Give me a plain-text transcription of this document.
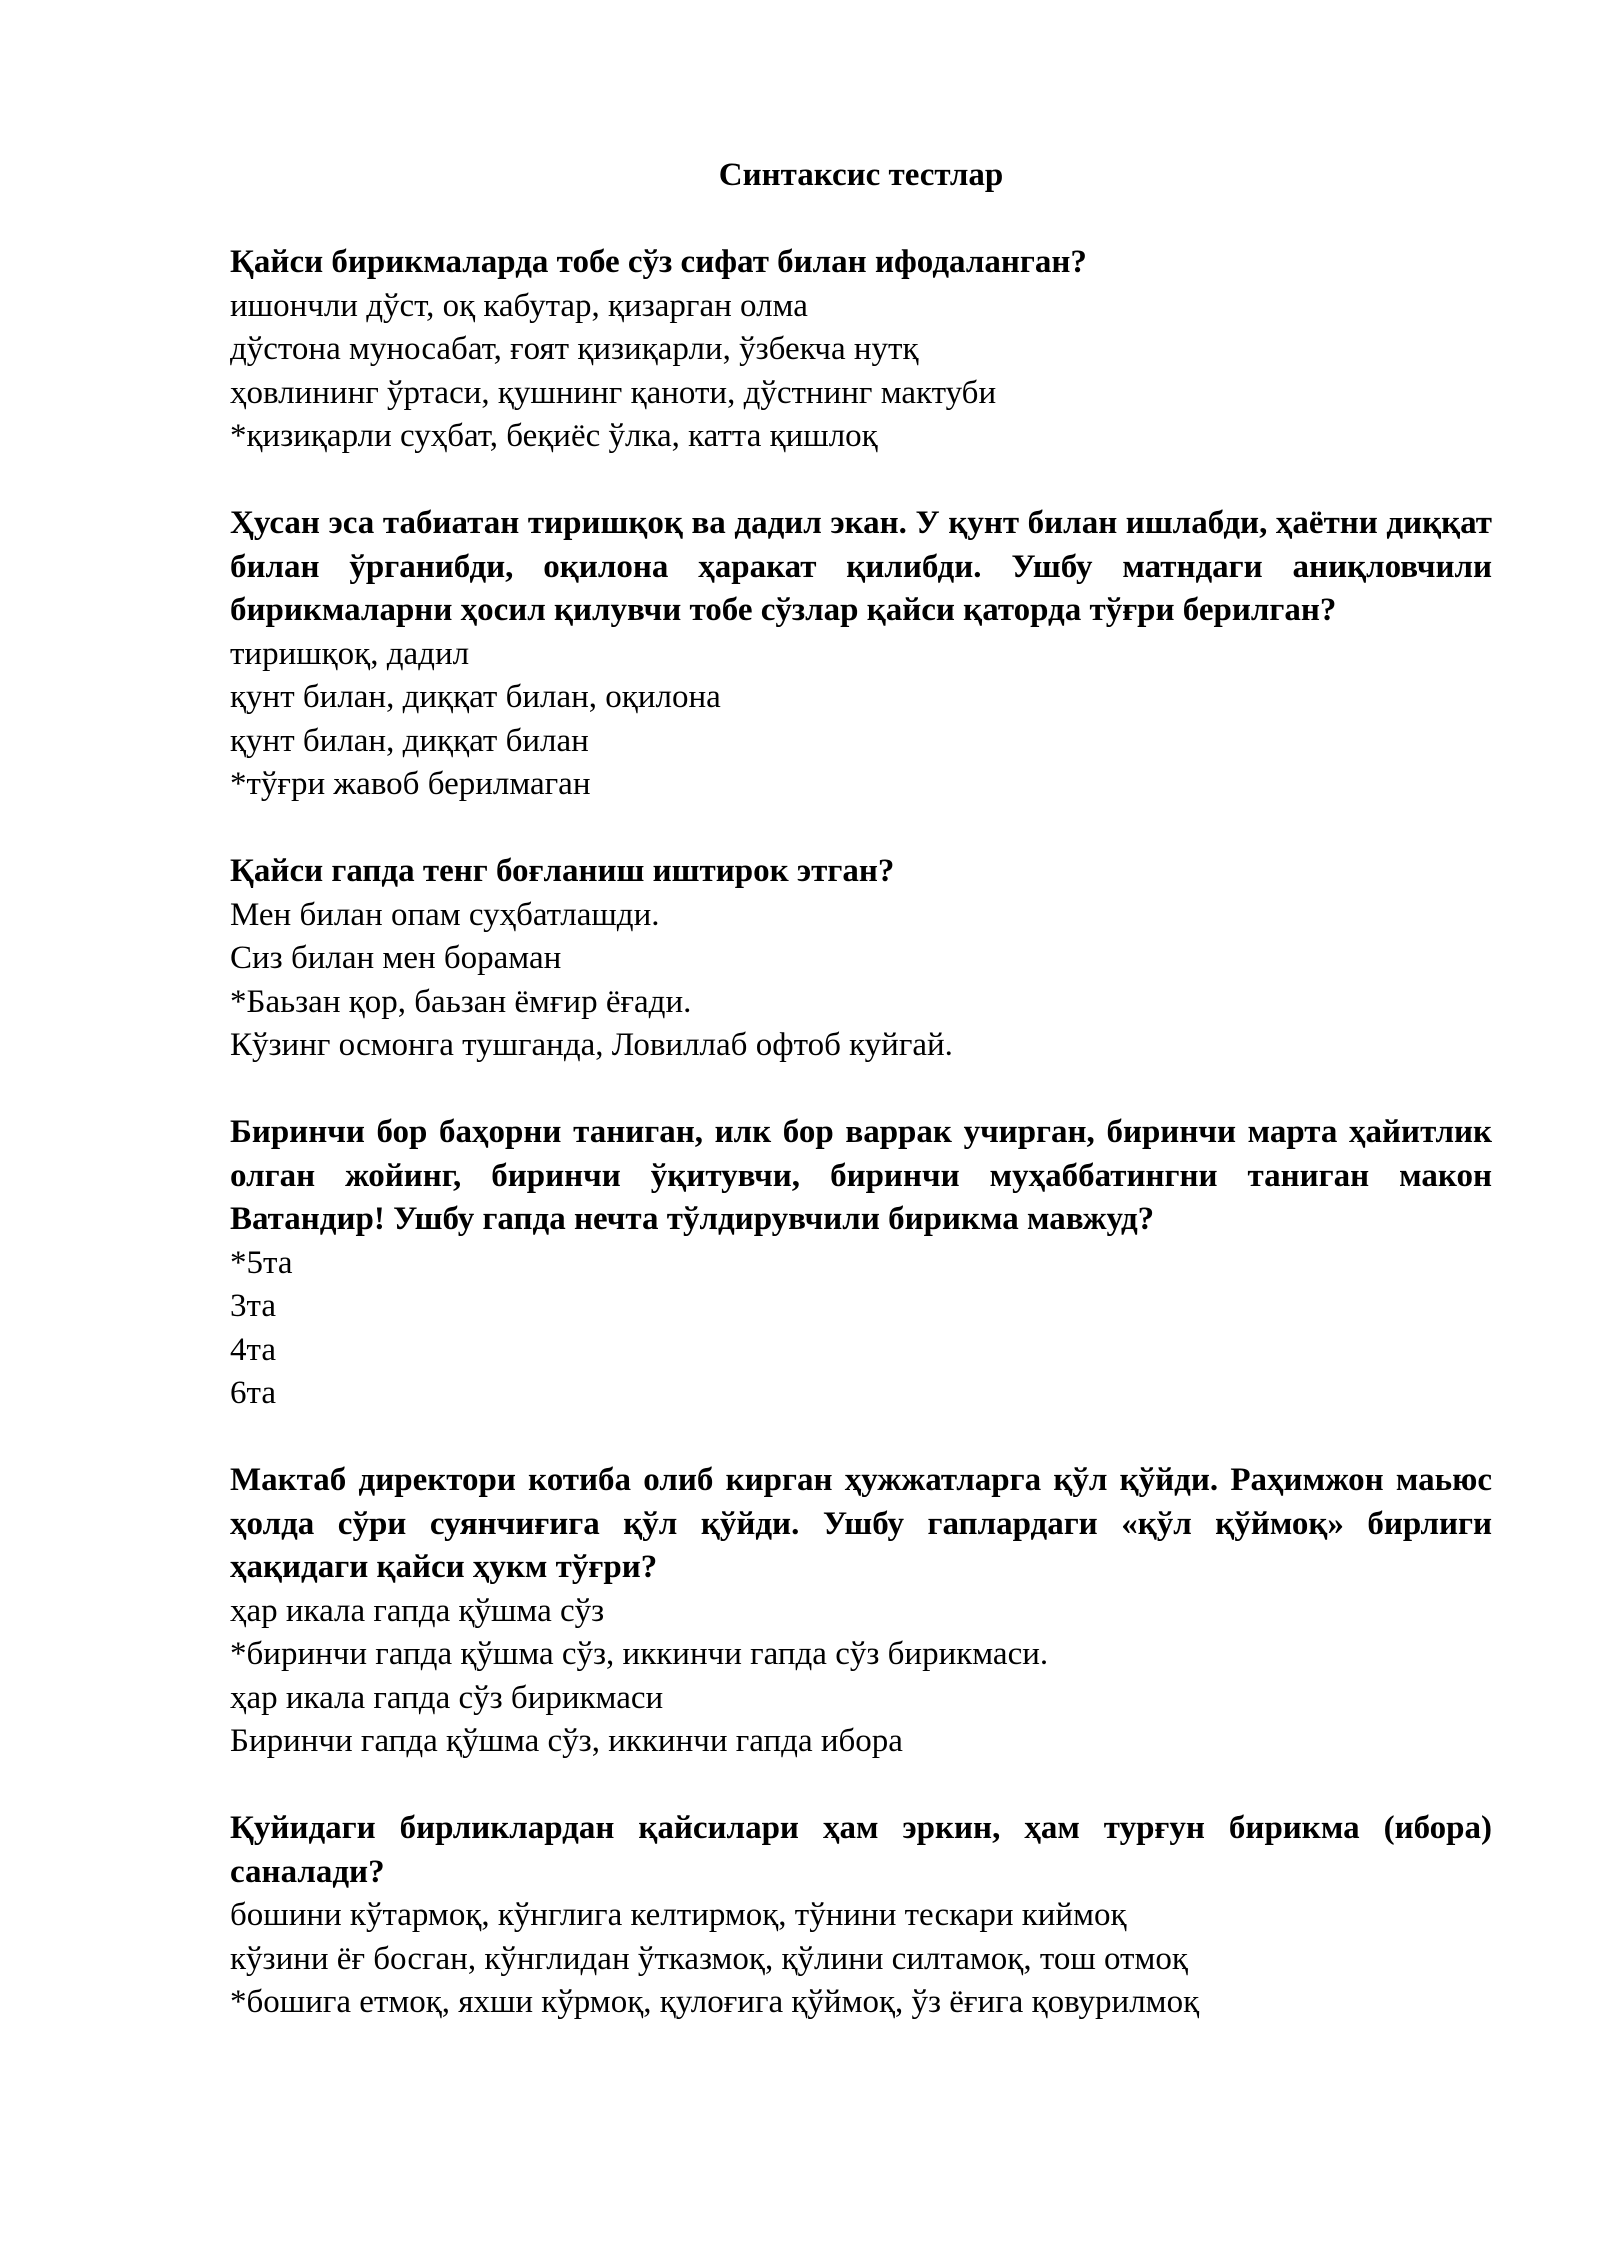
Синтаксис тестлар

Қайси бирикмаларда тобе сўз сифат билан ифодаланган?

ишончли дўст, оқ кабутар, қизарган олма
дўстона муносабат, ғоят қизиқарли, ўзбекча нутқ
ҳовлининг ўртаси, қушнинг қаноти, дўстнинг мактуби
*қизиқарли суҳбат, беқиёс ўлка, катта қишлоқ

Ҳусан эса табиатан тиришқоқ ва дадил экан. У қунт билан ишлабди, ҳаётни диққат билан ўрганибди, оқилона ҳаракат қилибди. Ушбу матндаги аниқловчили бирикмаларни ҳосил қилувчи тобе сўзлар қайси қаторда тўғри берилган?

тиришқоқ, дадил
қунт билан, диққат билан, оқилона
қунт билан, диққат билан
*тўғри жавоб берилмаган

Қайси гапда тенг боғланиш иштирок этган?

Мен билан опам суҳбатлашди.
Сиз билан мен бораман
*Баьзан қор, баьзан ёмғир ёғади.
Кўзинг осмонга тушганда, Ловиллаб офтоб куйгай.

Биринчи бор баҳорни таниган, илк бор варрак учирган, биринчи марта ҳайитлик олган жойинг, биринчи ўқитувчи, биринчи муҳаббатингни таниган макон Ватандир! Ушбу гапда нечта тўлдирувчили бирикма мавжуд?

*5та
3та
4та
6та

Мактаб директори котиба олиб кирган ҳужжатларга қўл қўйди. Раҳимжон маьюс ҳолда сўри суянчиғига қўл қўйди. Ушбу гаплардаги «қўл қўймоқ» бирлиги ҳақидаги қайси ҳукм тўғри?

ҳар икала гапда қўшма сўз
*биринчи гапда қўшма сўз, иккинчи гапда сўз бирикмаси.
ҳар икала гапда сўз бирикмаси
Биринчи гапда қўшма сўз, иккинчи гапда ибора

Қуйидаги бирликлардан қайсилари ҳам эркин, ҳам турғун бирикма (ибора) саналади?

бошини кўтармоқ, кўнглига келтирмоқ, тўнини тескари киймоқ
кўзини ёғ босган, кўнглидан ўтказмоқ, қўлини силтамоқ, тош отмоқ
*бошига етмоқ, яхши кўрмоқ, қулоғига қўймоқ, ўз ёғига қовурилмоқ
